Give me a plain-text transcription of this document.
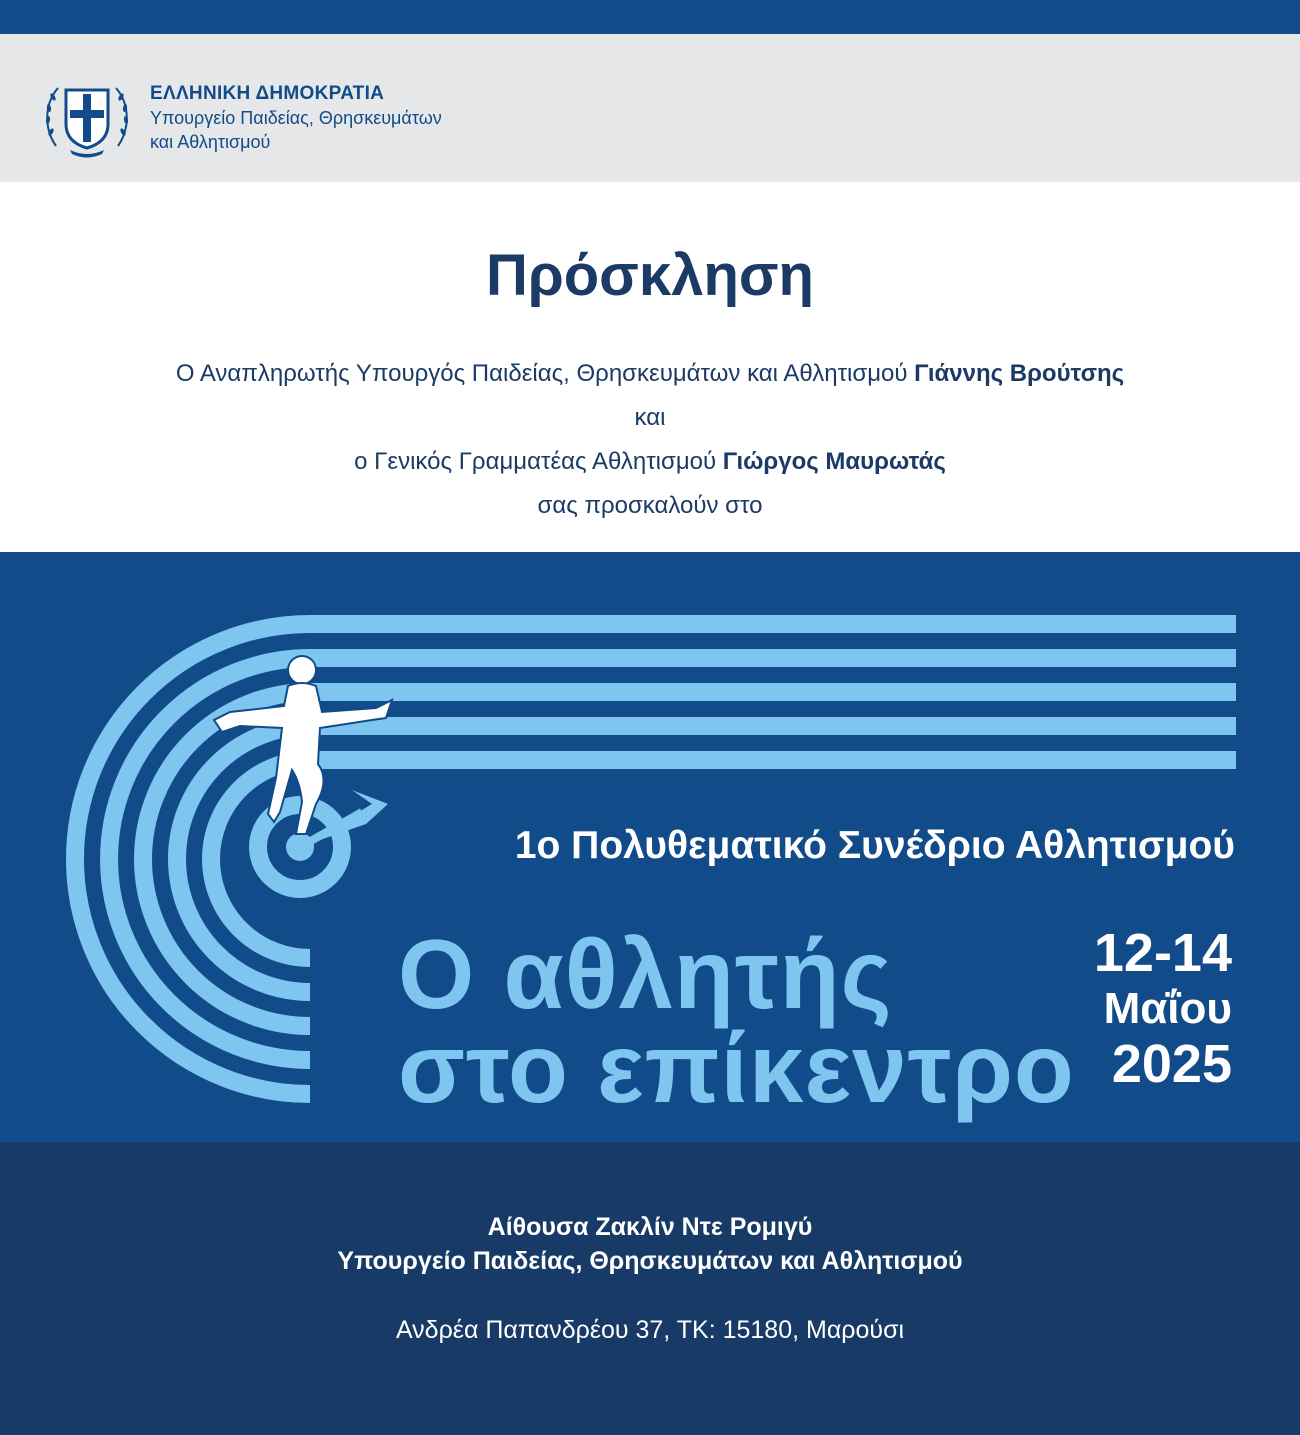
ΕΛΛΗΝΙΚΗ ΔΗΜΟΚΡΑΤΙΑ
Υπουργείο Παιδείας, Θρησκευμάτων
και Αθλητισμού
Πρόσκληση
Ο Αναπληρωτής Υπουργός Παιδείας, Θρησκευμάτων και Αθλητισμού Γιάννης Βρούτσης
και
ο Γενικός Γραμματέας Αθλητισμού Γιώργος Μαυρωτάς
σας προσκαλούν στο
1ο Πολυθεματικό Συνέδριο Αθλητισμού
Ο αθλητής
στο επίκεντρο
12-14
Μαΐου
2025
Αίθουσα Ζακλίν Ντε Ρομιγύ
Υπουργείο Παιδείας, Θρησκευμάτων και Αθλητισμού
Ανδρέα Παπανδρέου 37, ΤΚ: 15180, Μαρούσι
